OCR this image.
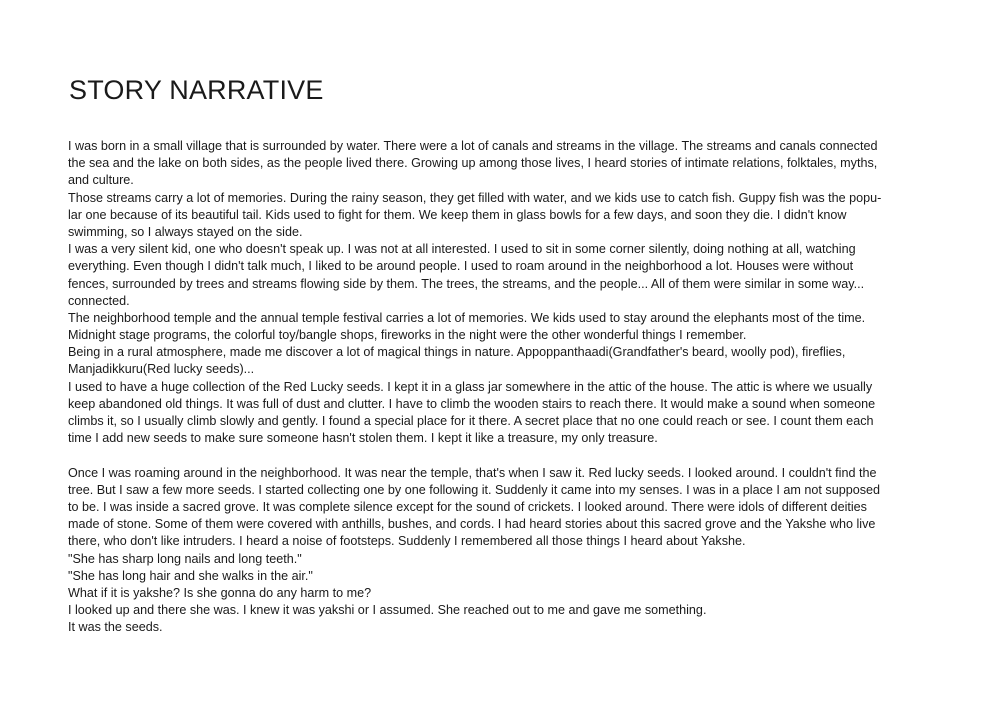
STORY NARRATIVE
I was born in a small village that is surrounded by water. There were a lot of canals and streams in the village. The streams and canals connected
the sea and the lake on both sides, as the people lived there. Growing up among those lives, I heard stories of intimate relations, folktales, myths,
and culture.
Those streams carry a lot of memories. During the rainy season, they get filled with water, and we kids use to catch fish. Guppy fish was the popu-
lar one because of its beautiful tail. Kids used to fight for them. We keep them in glass bowls for a few days, and soon they die. I didn't know
swimming, so I always stayed on the side.
I was a very silent kid, one who doesn't speak up. I was not at all interested. I used to sit in some corner silently, doing nothing at all, watching
everything. Even though I didn't talk much, I liked to be around people. I used to roam around in the neighborhood a lot. Houses were without
fences, surrounded by trees and streams flowing side by them. The trees, the streams, and the people... All of them were similar in some way...
connected.
The neighborhood temple and the annual temple festival carries a lot of memories. We kids used to stay around the elephants most of the time.
Midnight stage programs, the colorful toy/bangle shops, fireworks in the night were the other wonderful things I remember.
Being in a rural atmosphere, made me discover a lot of magical things in nature. Appoppanthaadi(Grandfather's beard, woolly pod), fireflies,
Manjadikkuru(Red lucky seeds)...
I used to have a huge collection of the Red Lucky seeds. I kept it in a glass jar somewhere in the attic of the house. The attic is where we usually
keep abandoned old things. It was full of dust and clutter. I have to climb the wooden stairs to reach there. It would make a sound when someone
climbs it, so I usually climb slowly and gently. I found a special place for it there. A secret place that no one could reach or see. I count them each
time I add new seeds to make sure someone hasn't stolen them. I kept it like a treasure, my only treasure.
Once I was roaming around in the neighborhood. It was near the temple, that's when I saw it. Red lucky seeds. I looked around. I couldn't find the
tree. But I saw a few more seeds. I started collecting one by one following it. Suddenly it came into my senses. I was in a place I am not supposed
to be. I was inside a sacred grove. It was complete silence except for the sound of crickets. I looked around. There were idols of different deities
made of stone. Some of them were covered with anthills, bushes, and cords. I had heard stories about this sacred grove and the Yakshe who live
there, who don't like intruders. I heard a noise of footsteps. Suddenly I remembered all those things I heard about Yakshe.
"She has sharp long nails and long teeth."
"She has long hair and she walks in the air."
What if it is yakshe? Is she gonna do any harm to me?
I looked up and there she was. I knew it was yakshi or I assumed. She reached out to me and gave me something.
It was the seeds.
